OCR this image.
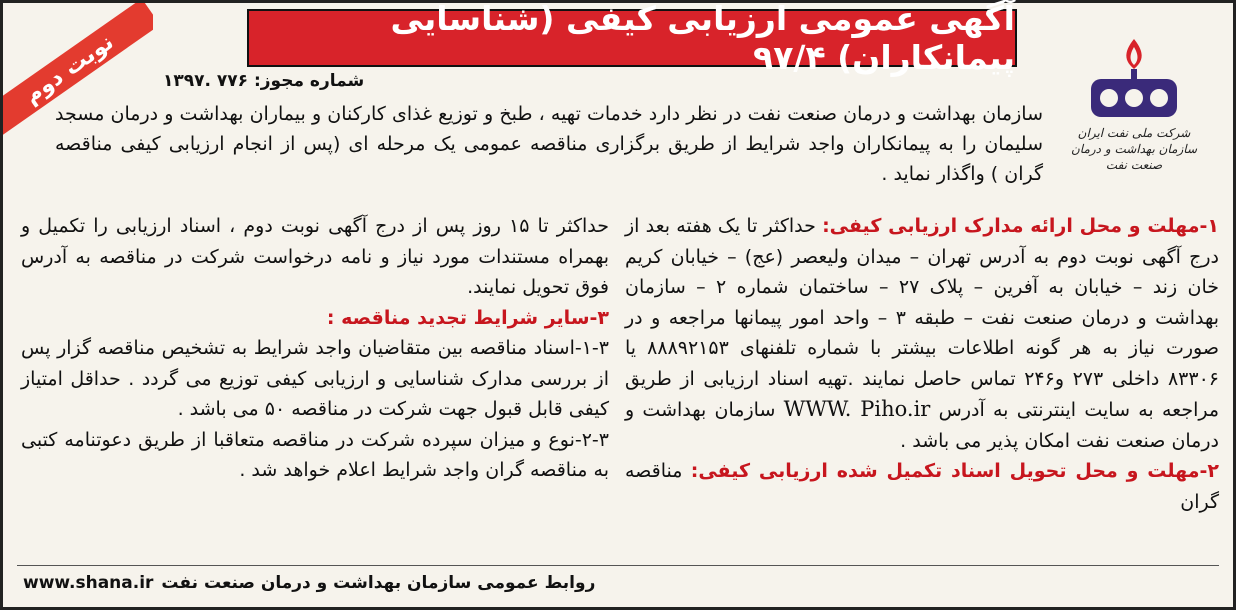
نوبت دوم
آگهی عمومی ارزیابی کیفی (شناسایی پیمانکاران) ۹۷/۴
شماره مجوز: ۷۷۶ .۱۳۹۷
شرکت ملی نفت ایران
سازمان بهداشت و درمان
صنعت نفت
سازمان بهداشت و درمان صنعت نفت در نظر دارد خدمات تهیه ، طبخ و توزیع غذای کارکنان و بیماران بهداشت و درمان مسجد سلیمان را به پیمانکاران واجد شرایط از طریق برگزاری مناقصه عمومی یک مرحله ای (پس از انجام ارزیابی کیفی مناقصه گران ) واگذار نماید .

۱-مهلت و محل ارائه مدارک ارزیابی کیفی: حداکثر تا یک هفته بعد از درج آگهی نوبت دوم به آدرس تهران – میدان ولیعصر (عج) – خیابان کریم خان زند – خیابان به آفرین – پلاک ۲۷ – ساختمان شماره ۲ – سازمان بهداشت و درمان صنعت نفت – طبقه ۳ – واحد امور پیمانها مراجعه و در صورت نیاز به هر گونه اطلاعات بیشتر با شماره تلفنهای ۸۸۸۹۲۱۵۳ یا ۸۳۳۰۶ داخلی ۲۷۳ و۲۴۶ تماس حاصل نمایند .تهیه اسناد ارزیابی از طریق مراجعه به سایت اینترنتی به آدرس WWW. Piho.ir سازمان بهداشت و درمان صنعت نفت امکان پذیر می باشد .

۲-مهلت و محل تحویل اسناد تکمیل شده ارزیابی کیفی: مناقصه گران

حداکثر تا ۱۵ روز پس از درج آگهی نوبت دوم ، اسناد ارزیابی را تکمیل و بهمراه مستندات مورد نیاز و نامه درخواست شرکت در مناقصه به آدرس فوق تحویل نمایند.

۳-سایر شرایط تجدید مناقصه :

۱-۳-اسناد مناقصه بین متقاضیان واجد شرایط به تشخیص مناقصه گزار پس از بررسی مدارک شناسایی و ارزیابی کیفی توزیع می گردد . حداقل امتیاز کیفی قابل قبول جهت شرکت در مناقصه ۵۰ می باشد .

۲-۳-نوع و میزان سپرده شرکت در مناقصه متعاقبا از طریق دعوتنامه کتبی به مناقصه گران واجد شرایط اعلام خواهد شد .

روابط عمومی سازمان بهداشت و درمان صنعت نفت
www.shana.ir
